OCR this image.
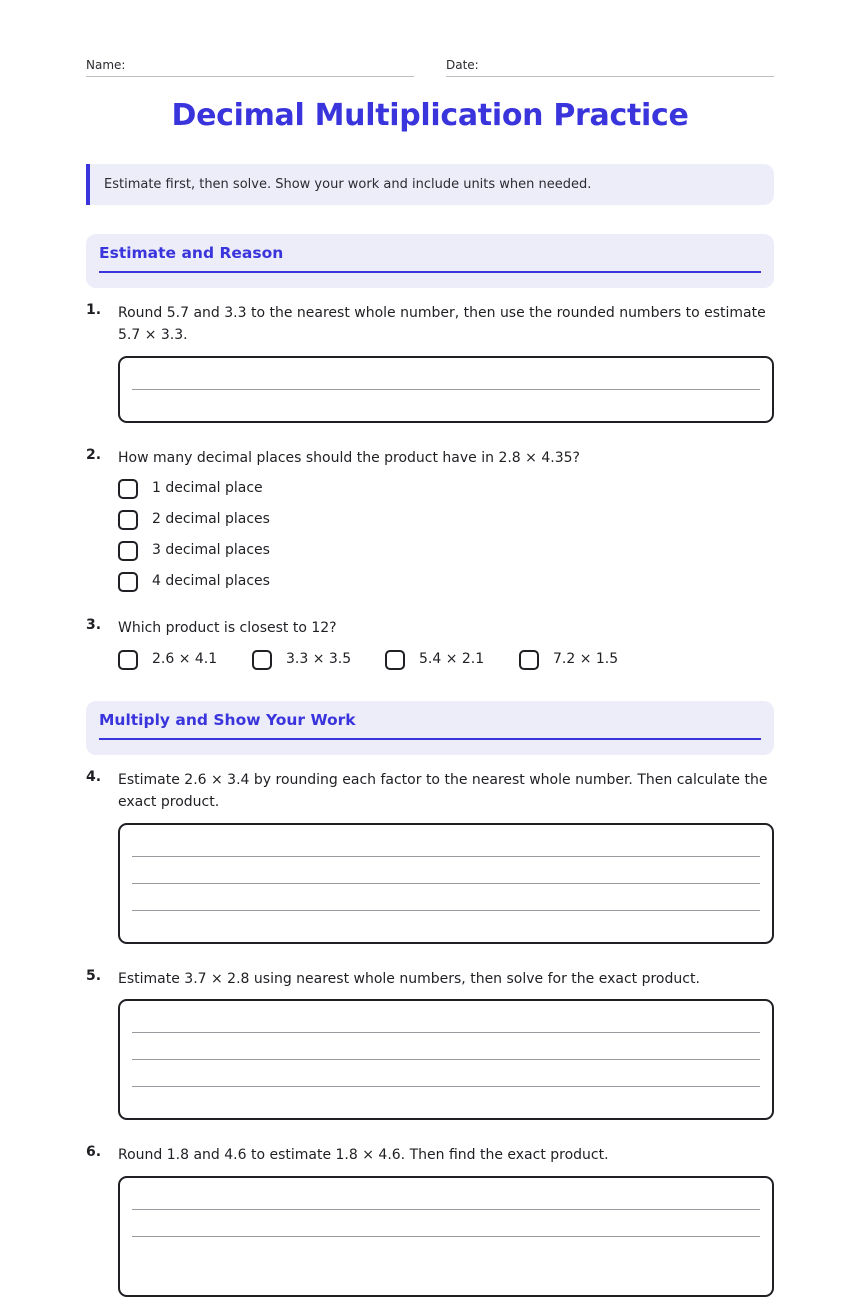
Name:	Date:
Decimal Multiplication Practice
Estimate first, then solve. Show your work and include units when needed.
Estimate and Reason
1. Round 5.7 and 3.3 to the nearest whole number, then use the rounded numbers to estimate 5.7 × 3.3.
2. How many decimal places should the product have in 2.8 × 4.35?
1 decimal place
2 decimal places
3 decimal places
4 decimal places
3. Which product is closest to 12?
2.6 × 4.1	3.3 × 3.5	5.4 × 2.1	7.2 × 1.5
Multiply and Show Your Work
4. Estimate 2.6 × 3.4 by rounding each factor to the nearest whole number. Then calculate the exact product.
5. Estimate 3.7 × 2.8 using nearest whole numbers, then solve for the exact product.
6. Round 1.8 and 4.6 to estimate 1.8 × 4.6. Then find the exact product.
